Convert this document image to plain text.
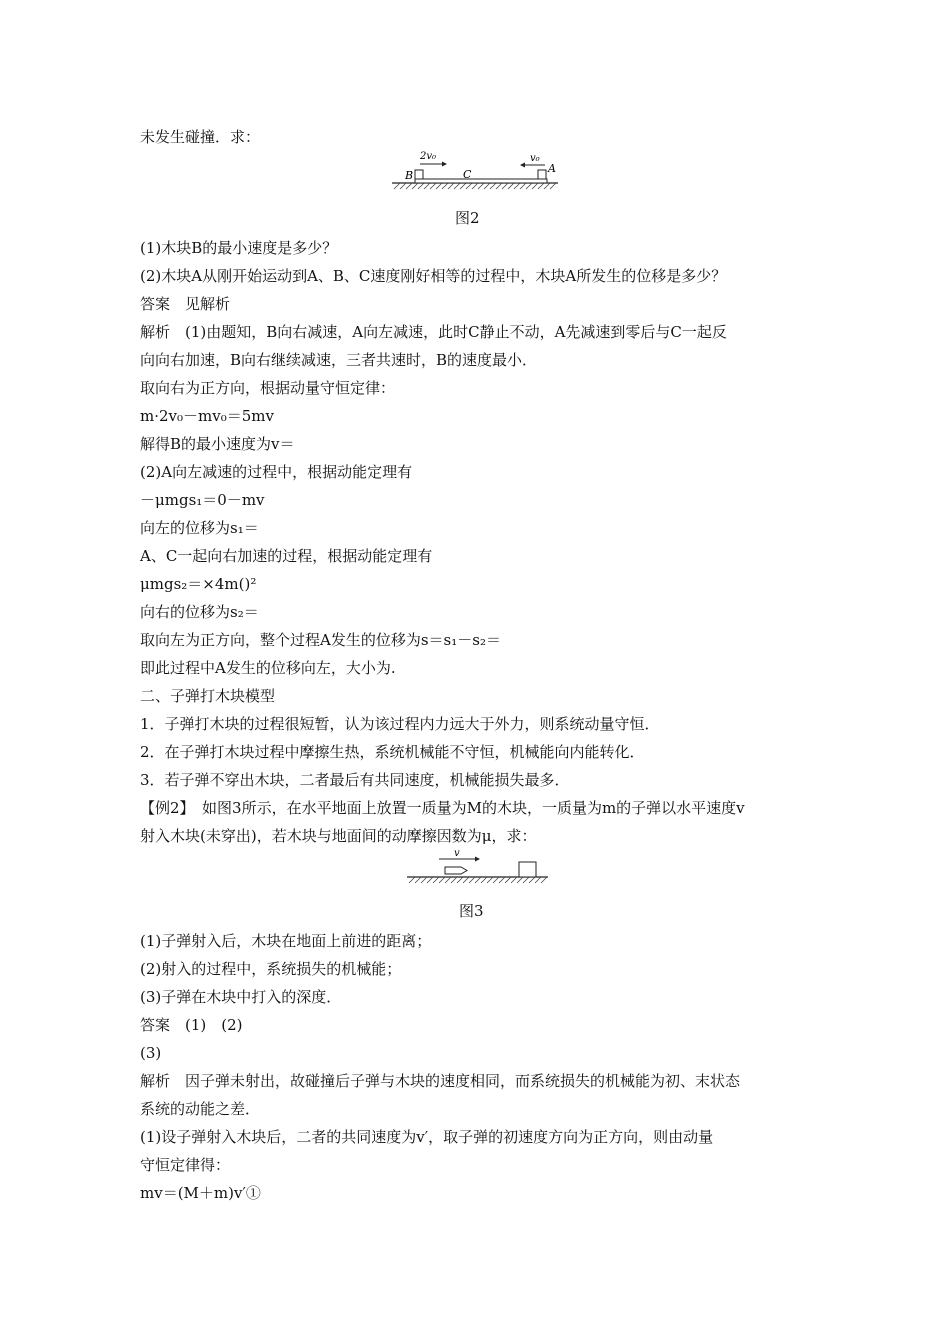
未发生碰撞．求：
B	C	A
2v₀	v₀
图2
(1)木块B的最小速度是多少？
(2)木块A从刚开始运动到A、B、C速度刚好相等的过程中，木块A所发生的位移是多少？
答案　见解析
解析　(1)由题知，B向右减速，A向左减速，此时C静止不动，A先减速到零后与C一起反
向向右加速，B向右继续减速，三者共速时，B的速度最小．
取向右为正方向，根据动量守恒定律：
m·2v₀－mv₀＝5mv
解得B的最小速度为v＝
(2)A向左减速的过程中，根据动能定理有
－μmgs₁＝0－mv
向左的位移为s₁＝
A、C一起向右加速的过程，根据动能定理有
μmgs₂＝×4m()²
向右的位移为s₂＝
取向左为正方向，整个过程A发生的位移为s＝s₁－s₂＝
即此过程中A发生的位移向左，大小为.
二、子弹打木块模型
1．子弹打木块的过程很短暂，认为该过程内力远大于外力，则系统动量守恒．
2．在子弹打木块过程中摩擦生热，系统机械能不守恒，机械能向内能转化．
3．若子弹不穿出木块，二者最后有共同速度，机械能损失最多．
【例2】　如图3所示，在水平地面上放置一质量为M的木块，一质量为m的子弹以水平速度v
射入木块(未穿出)，若木块与地面间的动摩擦因数为μ，求：
v
图3
(1)子弹射入后，木块在地面上前进的距离；
(2)射入的过程中，系统损失的机械能；
(3)子弹在木块中打入的深度．
答案　(1)　(2)
(3)
解析　因子弹未射出，故碰撞后子弹与木块的速度相同，而系统损失的机械能为初、末状态
系统的动能之差．
(1)设子弹射入木块后，二者的共同速度为v′，取子弹的初速度方向为正方向，则由动量
守恒定律得：
mv＝(M＋m)v′①
